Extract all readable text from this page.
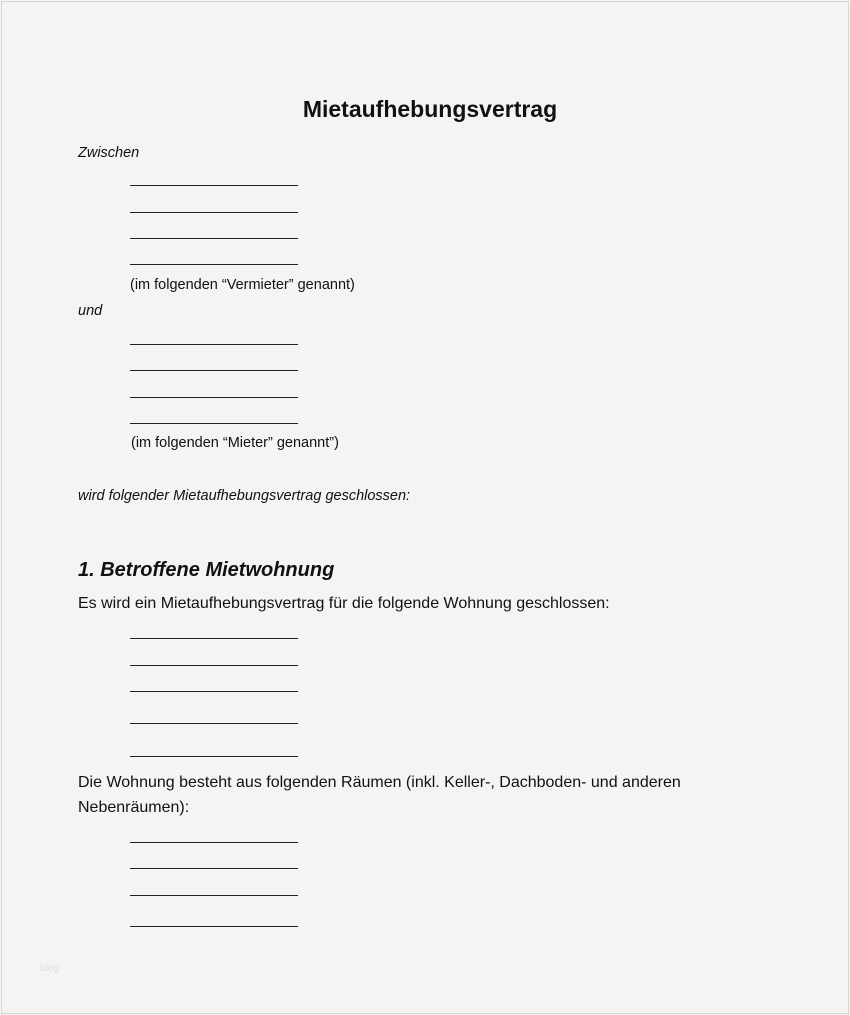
Mietaufhebungsvertrag
Zwischen
(im folgenden “Vermieter” genannt)
und
(im folgenden “Mieter” genannt”)
wird folgender Mietaufhebungsvertrag geschlossen:
1. Betroffene Mietwohnung
Es wird ein Mietaufhebungsvertrag für die folgende Wohnung geschlossen:
Die Wohnung besteht aus folgenden Räumen (inkl. Keller-, Dachboden- und anderen
Nebenräumen):
blog
